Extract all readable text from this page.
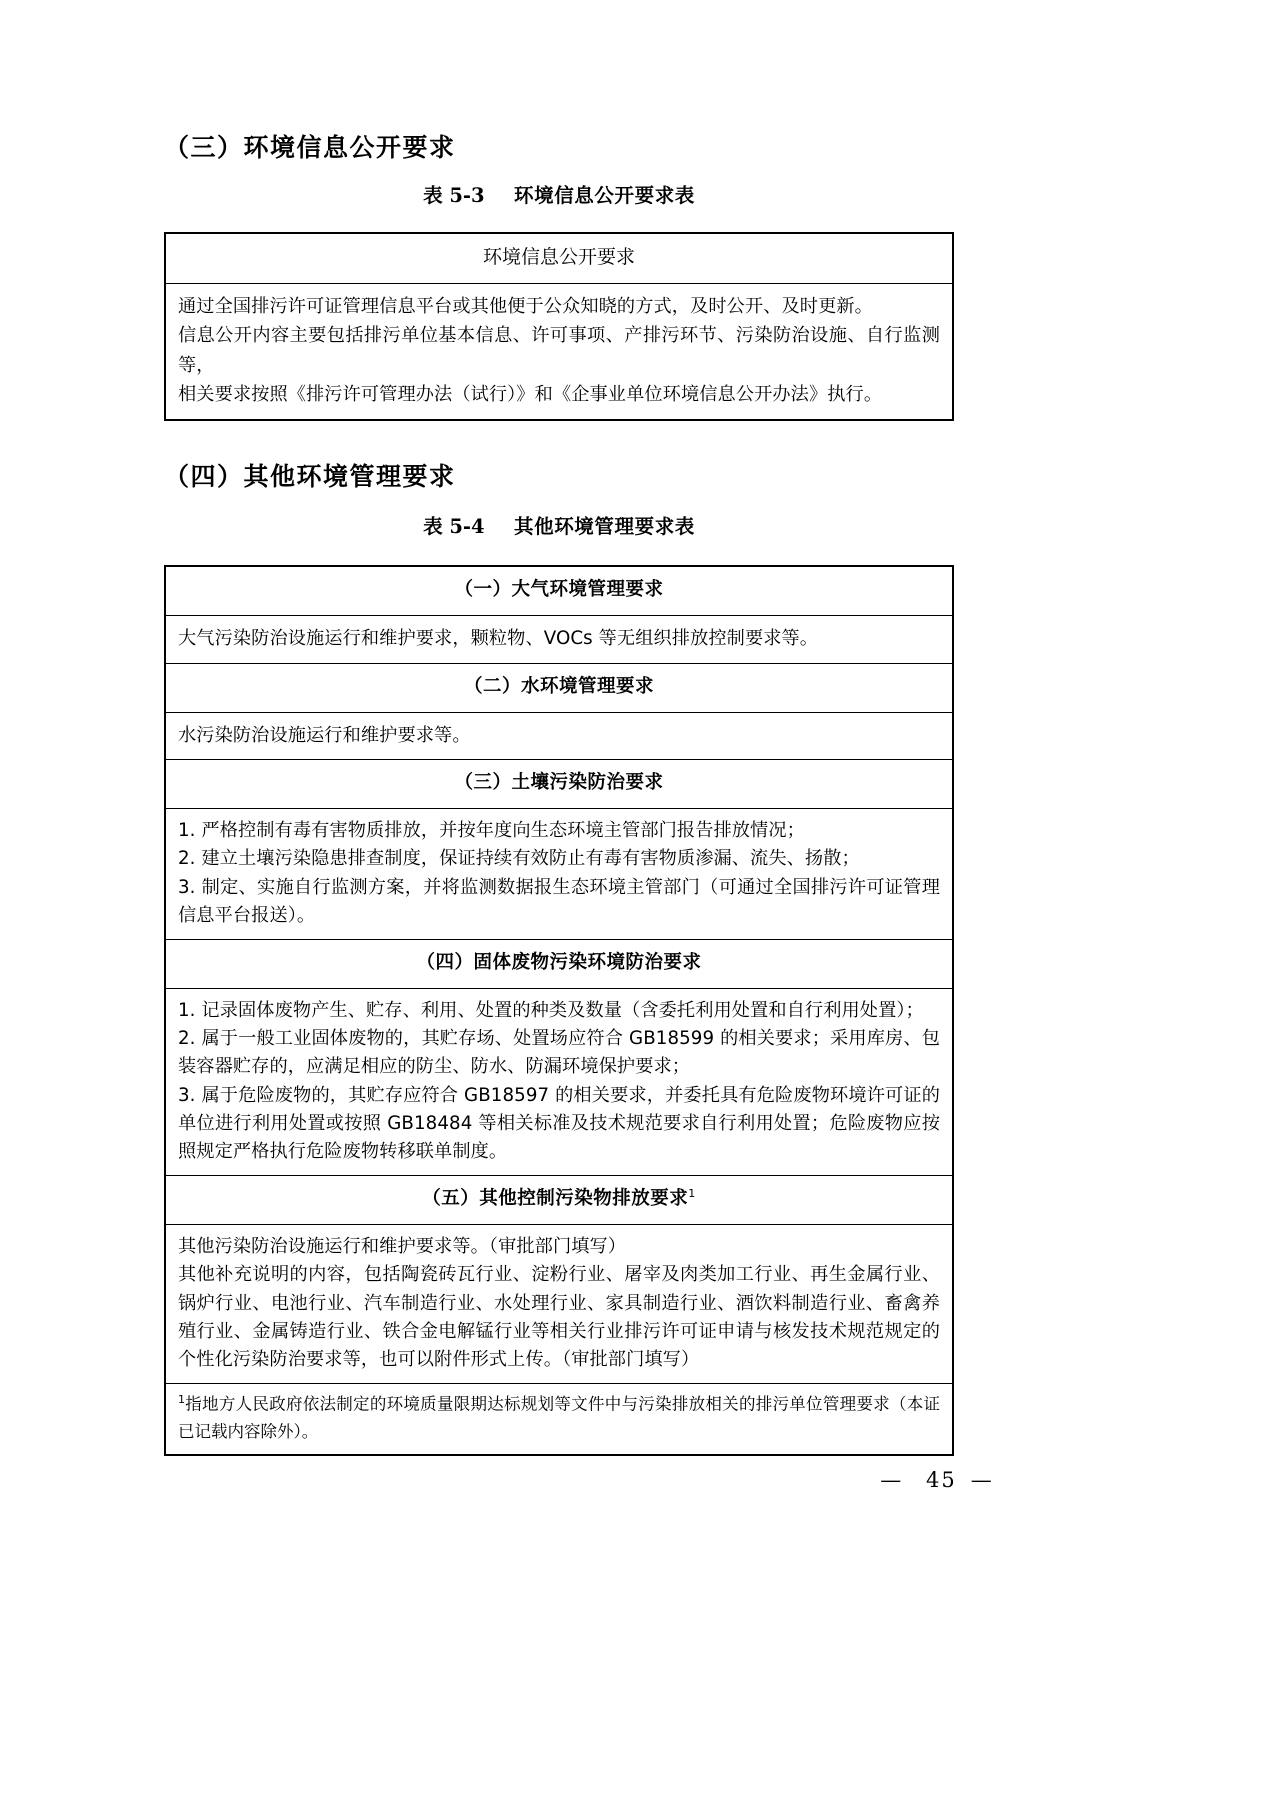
（三）环境信息公开要求
表 5-3 环境信息公开要求表
环境信息公开要求

通过全国排污许可证管理信息平台或其他便于公众知晓的方式，及时公开、及时更新。

信息公开内容主要包括排污单位基本信息、许可事项、产排污环节、污染防治设施、自行监测等，

相关要求按照《排污许可管理办法（试行）》和《企事业单位环境信息公开办法》执行。

（四）其他环境管理要求
表 5-4 其他环境管理要求表
（一）大气环境管理要求

大气污染防治设施运行和维护要求，颗粒物、VOCs 等无组织排放控制要求等。

（二）水环境管理要求

水污染防治设施运行和维护要求等。

（三）土壤污染防治要求

1. 严格控制有毒有害物质排放，并按年度向生态环境主管部门报告排放情况；

2. 建立土壤污染隐患排查制度，保证持续有效防止有毒有害物质渗漏、流失、扬散；

3. 制定、实施自行监测方案，并将监测数据报生态环境主管部门（可通过全国排污许可证管理信息平台报送）。

（四）固体废物污染环境防治要求

1. 记录固体废物产生、贮存、利用、处置的种类及数量（含委托利用处置和自行利用处置）；

2. 属于一般工业固体废物的，其贮存场、处置场应符合 GB18599 的相关要求；采用库房、包装容器贮存的，应满足相应的防尘、防水、防漏环境保护要求；

3. 属于危险废物的，其贮存应符合 GB18597 的相关要求，并委托具有危险废物环境许可证的单位进行利用处置或按照 GB18484 等相关标准及技术规范要求自行利用处置；危险废物应按照规定严格执行危险废物转移联单制度。

（五）其他控制污染物排放要求$^1$

其他污染防治设施运行和维护要求等。（审批部门填写）

其他补充说明的内容，包括陶瓷砖瓦行业、淀粉行业、屠宰及肉类加工行业、再生金属行业、锅炉行业、电池行业、汽车制造行业、水处理行业、家具制造行业、酒饮料制造行业、畜禽养殖行业、金属铸造行业、铁合金电解锰行业等相关行业排污许可证申请与核发技术规范规定的个性化污染防治要求等，也可以附件形式上传。（审批部门填写）

$^1$指地方人民政府依法制定的环境质量限期达标规划等文件中与污染排放相关的排污单位管理要求（本证已记载内容除外）。
— 45 —
